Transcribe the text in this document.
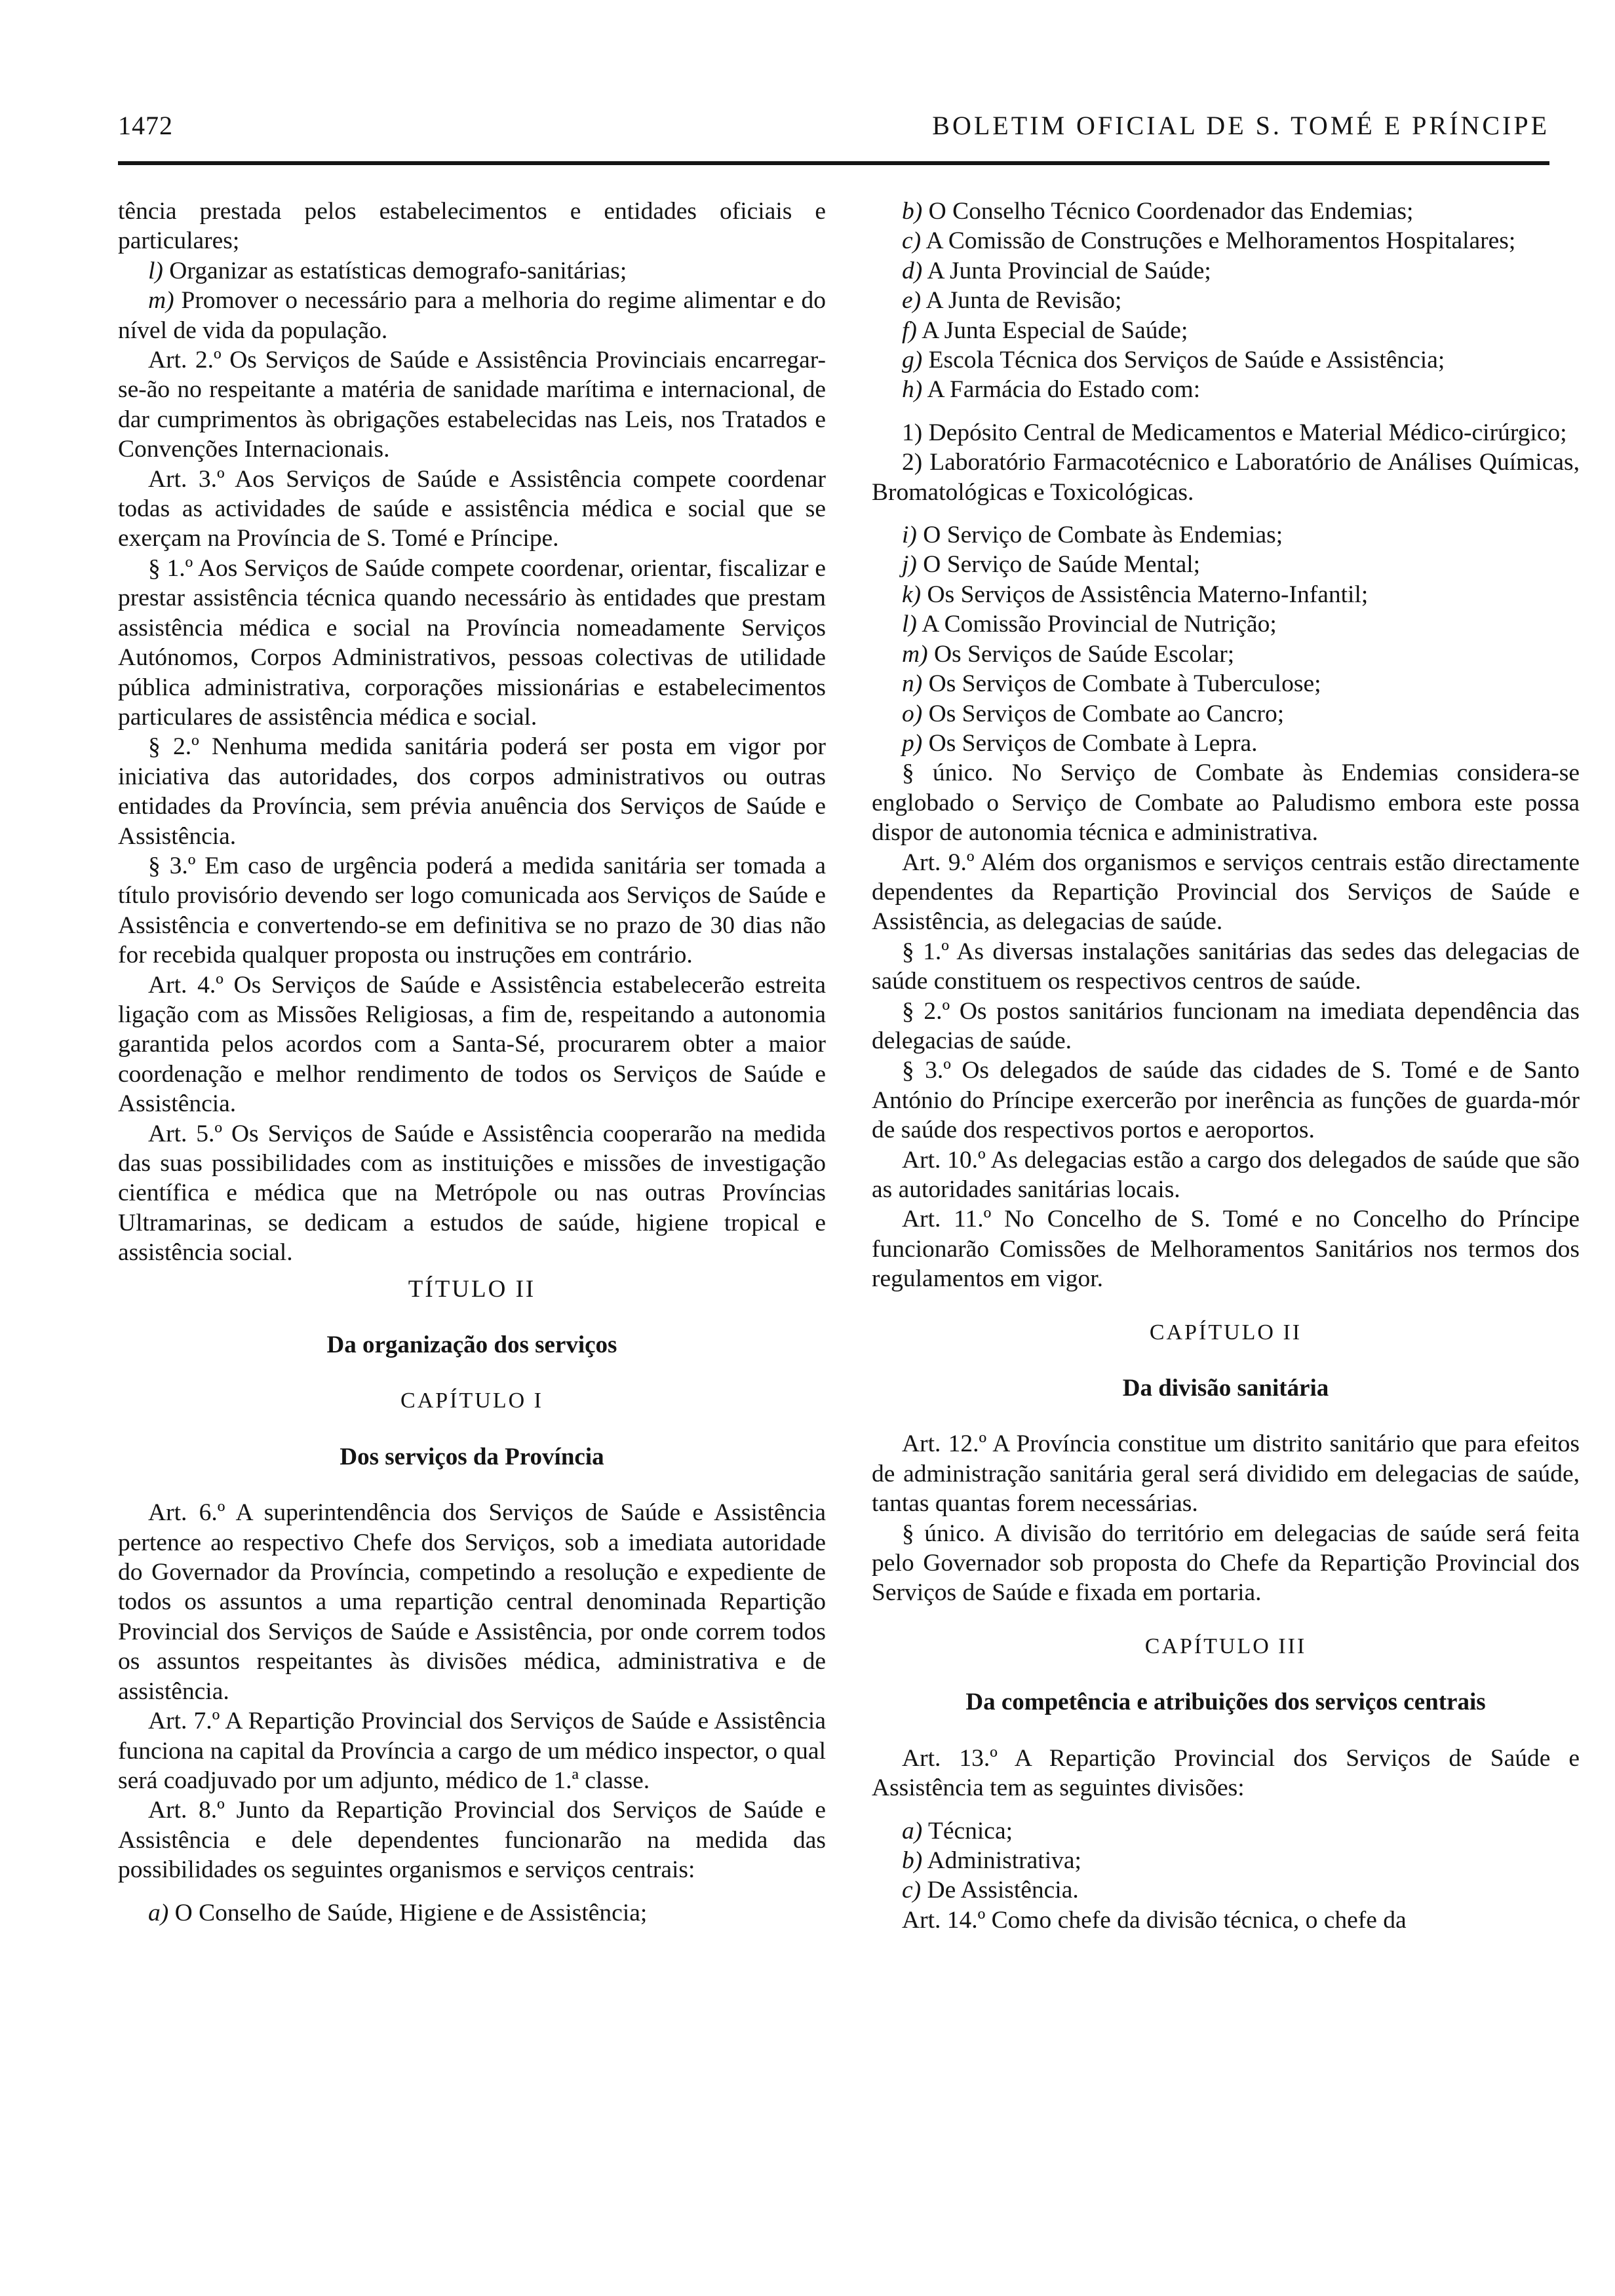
1472	BOLETIM OFICIAL DE S. TOMÉ E PRÍNCIPE

tência prestada pelos estabelecimentos e entidades oficiais e particulares;

l) Organizar as estatísticas demografo-sanitárias;

m) Promover o necessário para a melhoria do regime alimentar e do nível de vida da população.

Art. 2.º Os Serviços de Saúde e Assistência Provinciais encarregar-se-ão no respeitante a matéria de sanidade marítima e internacional, de dar cumprimentos às obrigações estabelecidas nas Leis, nos Tratados e Convenções Internacionais.

Art. 3.º Aos Serviços de Saúde e Assistência compete coordenar todas as actividades de saúde e assistência médica e social que se exerçam na Província de S. Tomé e Príncipe.

§ 1.º Aos Serviços de Saúde compete coordenar, orientar, fiscalizar e prestar assistência técnica quando necessário às entidades que prestam assistência médica e social na Província nomeadamente Serviços Autónomos, Corpos Administrativos, pessoas colectivas de utilidade pública administrativa, corporações missionárias e estabelecimentos particulares de assistência médica e social.

§ 2.º Nenhuma medida sanitária poderá ser posta em vigor por iniciativa das autoridades, dos corpos administrativos ou outras entidades da Província, sem prévia anuência dos Serviços de Saúde e Assistência.

§ 3.º Em caso de urgência poderá a medida sanitária ser tomada a título provisório devendo ser logo comunicada aos Serviços de Saúde e Assistência e convertendo-se em definitiva se no prazo de 30 dias não for recebida qualquer proposta ou instruções em contrário.

Art. 4.º Os Serviços de Saúde e Assistência estabelecerão estreita ligação com as Missões Religiosas, a fim de, respeitando a autonomia garantida pelos acordos com a Santa-Sé, procurarem obter a maior coordenação e melhor rendimento de todos os Serviços de Saúde e Assistência.

Art. 5.º Os Serviços de Saúde e Assistência cooperarão na medida das suas possibilidades com as instituições e missões de investigação científica e médica que na Metrópole ou nas outras Províncias Ultramarinas, se dedicam a estudos de saúde, higiene tropical e assistência social.

TÍTULO II
Da organização dos serviços
CAPÍTULO I
Dos serviços da Província

Art. 6.º A superintendência dos Serviços de Saúde e Assistência pertence ao respectivo Chefe dos Serviços, sob a imediata autoridade do Governador da Província, competindo a resolução e expediente de todos os assuntos a uma repartição central denominada Repartição Provincial dos Serviços de Saúde e Assistência, por onde correm todos os assuntos respeitantes às divisões médica, administrativa e de assistência.

Art. 7.º A Repartição Provincial dos Serviços de Saúde e Assistência funciona na capital da Província a cargo de um médico inspector, o qual será coadjuvado por um adjunto, médico de 1.ª classe.

Art. 8.º Junto da Repartição Provincial dos Serviços de Saúde e Assistência e dele dependentes funcionarão na medida das possibilidades os seguintes organismos e serviços centrais:

a) O Conselho de Saúde, Higiene e de Assistência;

b) O Conselho Técnico Coordenador das Endemias;

c) A Comissão de Construções e Melhoramentos Hospitalares;

d) A Junta Provincial de Saúde;

e) A Junta de Revisão;

f) A Junta Especial de Saúde;

g) Escola Técnica dos Serviços de Saúde e Assistência;

h) A Farmácia do Estado com:

1) Depósito Central de Medicamentos e Material Médico-cirúrgico;

2) Laboratório Farmacotécnico e Laboratório de Análises Químicas, Bromatológicas e Toxicológicas.

i) O Serviço de Combate às Endemias;

j) O Serviço de Saúde Mental;

k) Os Serviços de Assistência Materno-Infantil;

l) A Comissão Provincial de Nutrição;

m) Os Serviços de Saúde Escolar;

n) Os Serviços de Combate à Tuberculose;

o) Os Serviços de Combate ao Cancro;

p) Os Serviços de Combate à Lepra.

§ único. No Serviço de Combate às Endemias considera-se englobado o Serviço de Combate ao Paludismo embora este possa dispor de autonomia técnica e administrativa.

Art. 9.º Além dos organismos e serviços centrais estão directamente dependentes da Repartição Provincial dos Serviços de Saúde e Assistência, as delegacias de saúde.

§ 1.º As diversas instalações sanitárias das sedes das delegacias de saúde constituem os respectivos centros de saúde.

§ 2.º Os postos sanitários funcionam na imediata dependência das delegacias de saúde.

§ 3.º Os delegados de saúde das cidades de S. Tomé e de Santo António do Príncipe exercerão por inerência as funções de guarda-mór de saúde dos respectivos portos e aeroportos.

Art. 10.º As delegacias estão a cargo dos delegados de saúde que são as autoridades sanitárias locais.

Art. 11.º No Concelho de S. Tomé e no Concelho do Príncipe funcionarão Comissões de Melhoramentos Sanitários nos termos dos regulamentos em vigor.

CAPÍTULO II
Da divisão sanitária

Art. 12.º A Província constitue um distrito sanitário que para efeitos de administração sanitária geral será dividido em delegacias de saúde, tantas quantas forem necessárias.

§ único. A divisão do território em delegacias de saúde será feita pelo Governador sob proposta do Chefe da Repartição Provincial dos Serviços de Saúde e fixada em portaria.

CAPÍTULO III
Da competência e atribuições dos serviços centrais

Art. 13.º A Repartição Provincial dos Serviços de Saúde e Assistência tem as seguintes divisões:

a) Técnica;

b) Administrativa;

c) De Assistência.

Art. 14.º Como chefe da divisão técnica, o chefe da
